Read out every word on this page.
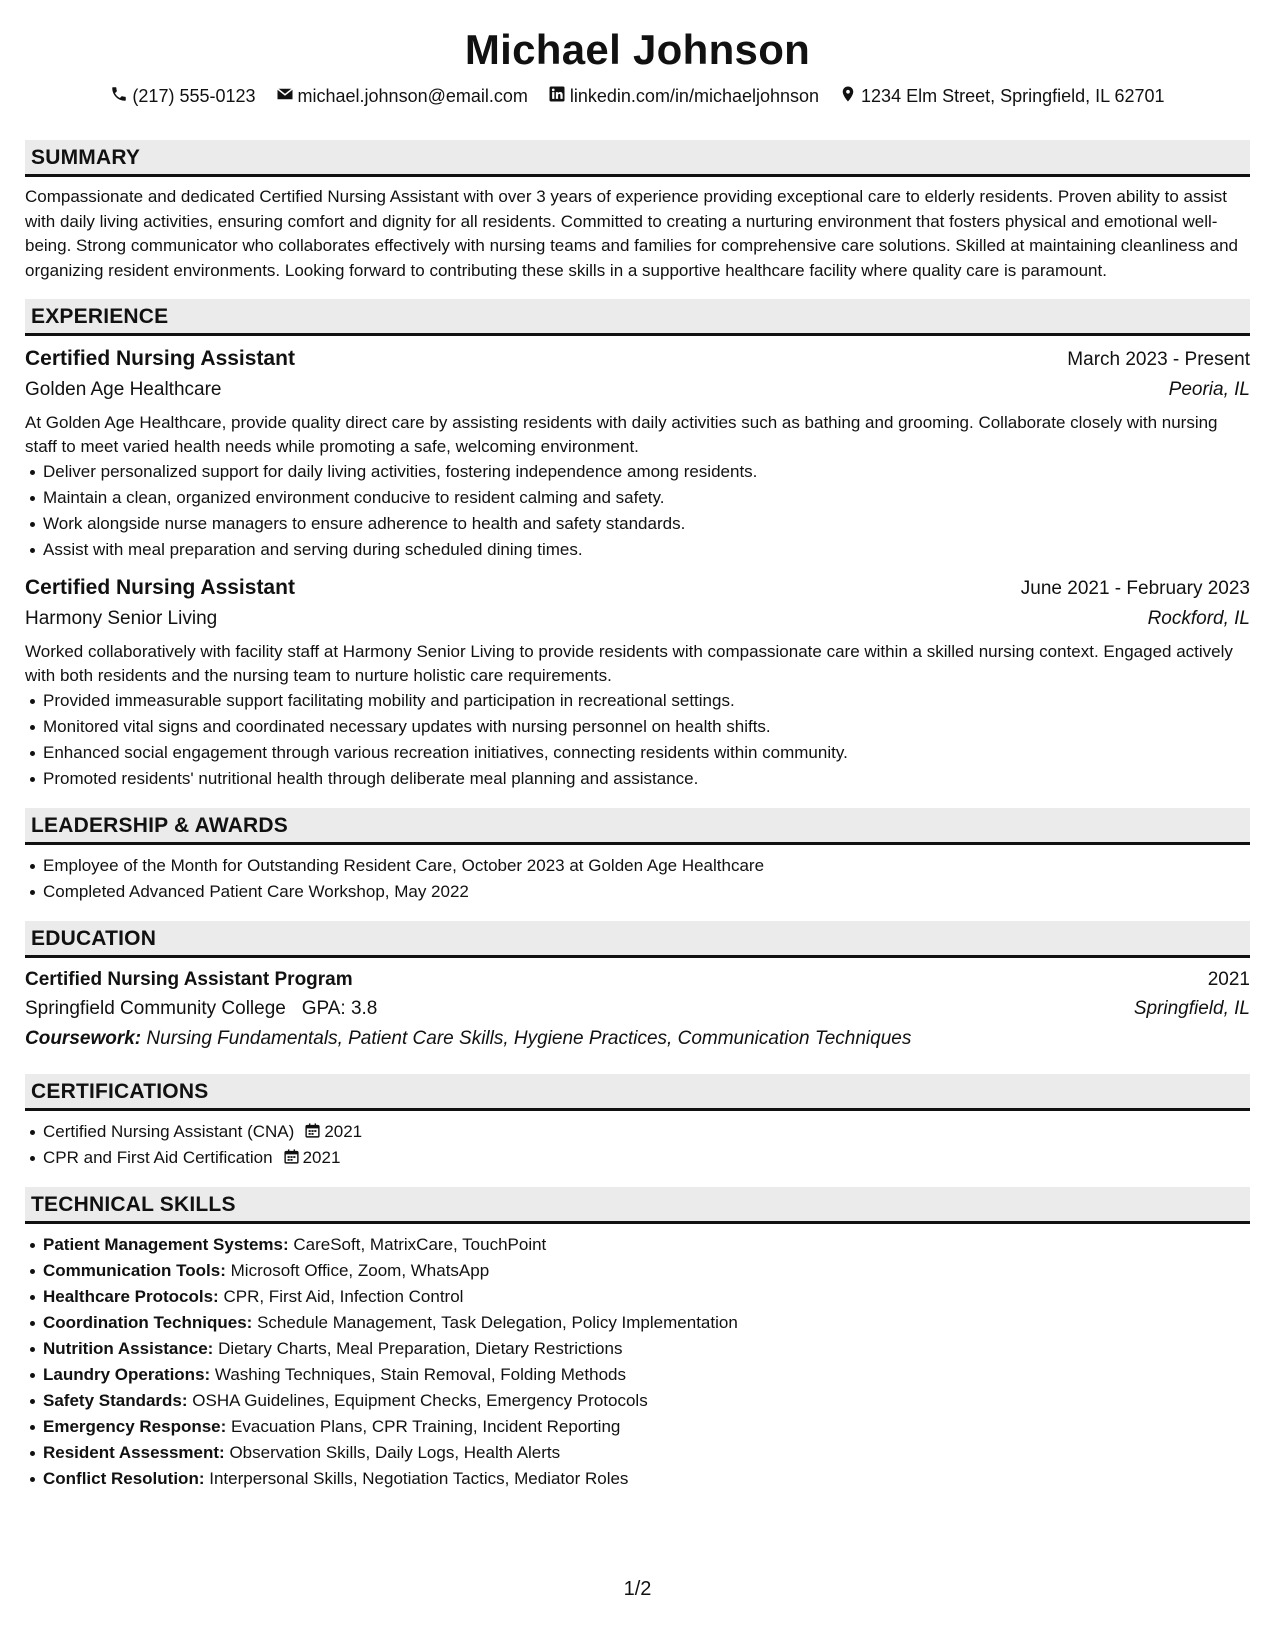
Michael Johnson
(217) 555-0123 michael.johnson@email.com linkedin.com/in/michaeljohnson 1234 Elm Street, Springfield, IL 62701
SUMMARY

Compassionate and dedicated Certified Nursing Assistant with over 3 years of experience providing exceptional care to elderly residents. Proven ability to assist with daily living activities, ensuring comfort and dignity for all residents. Committed to creating a nurturing environment that fosters physical and emotional well-being. Strong communicator who collaborates effectively with nursing teams and families for comprehensive care solutions. Skilled at maintaining cleanliness and organizing resident environments. Looking forward to contributing these skills in a supportive healthcare facility where quality care is paramount.

EXPERIENCE
Certified Nursing Assistant	March 2023 - Present
Golden Age Healthcare	Peoria, IL

At Golden Age Healthcare, provide quality direct care by assisting residents with daily activities such as bathing and grooming. Collaborate closely with nursing staff to meet varied health needs while promoting a safe, welcoming environment.

Deliver personalized support for daily living activities, fostering independence among residents.
Maintain a clean, organized environment conducive to resident calming and safety.
Work alongside nurse managers to ensure adherence to health and safety standards.
Assist with meal preparation and serving during scheduled dining times.
Certified Nursing Assistant	June 2021 - February 2023
Harmony Senior Living	Rockford, IL

Worked collaboratively with facility staff at Harmony Senior Living to provide residents with compassionate care within a skilled nursing context. Engaged actively with both residents and the nursing team to nurture holistic care requirements.

Provided immeasurable support facilitating mobility and participation in recreational settings.
Monitored vital signs and coordinated necessary updates with nursing personnel on health shifts.
Enhanced social engagement through various recreation initiatives, connecting residents within community.
Promoted residents' nutritional health through deliberate meal planning and assistance.
LEADERSHIP & AWARDS
Employee of the Month for Outstanding Resident Care, October 2023 at Golden Age Healthcare
Completed Advanced Patient Care Workshop, May 2022
EDUCATION
Certified Nursing Assistant Program	2021
Springfield Community College GPA: 3.8	Springfield, IL
Coursework: Nursing Fundamentals, Patient Care Skills, Hygiene Practices, Communication Techniques
CERTIFICATIONS
Certified Nursing Assistant (CNA) 2021
CPR and First Aid Certification 2021
TECHNICAL SKILLS
Patient Management Systems: CareSoft, MatrixCare, TouchPoint
Communication Tools: Microsoft Office, Zoom, WhatsApp
Healthcare Protocols: CPR, First Aid, Infection Control
Coordination Techniques: Schedule Management, Task Delegation, Policy Implementation
Nutrition Assistance: Dietary Charts, Meal Preparation, Dietary Restrictions
Laundry Operations: Washing Techniques, Stain Removal, Folding Methods
Safety Standards: OSHA Guidelines, Equipment Checks, Emergency Protocols
Emergency Response: Evacuation Plans, CPR Training, Incident Reporting
Resident Assessment: Observation Skills, Daily Logs, Health Alerts
Conflict Resolution: Interpersonal Skills, Negotiation Tactics, Mediator Roles
1/2
